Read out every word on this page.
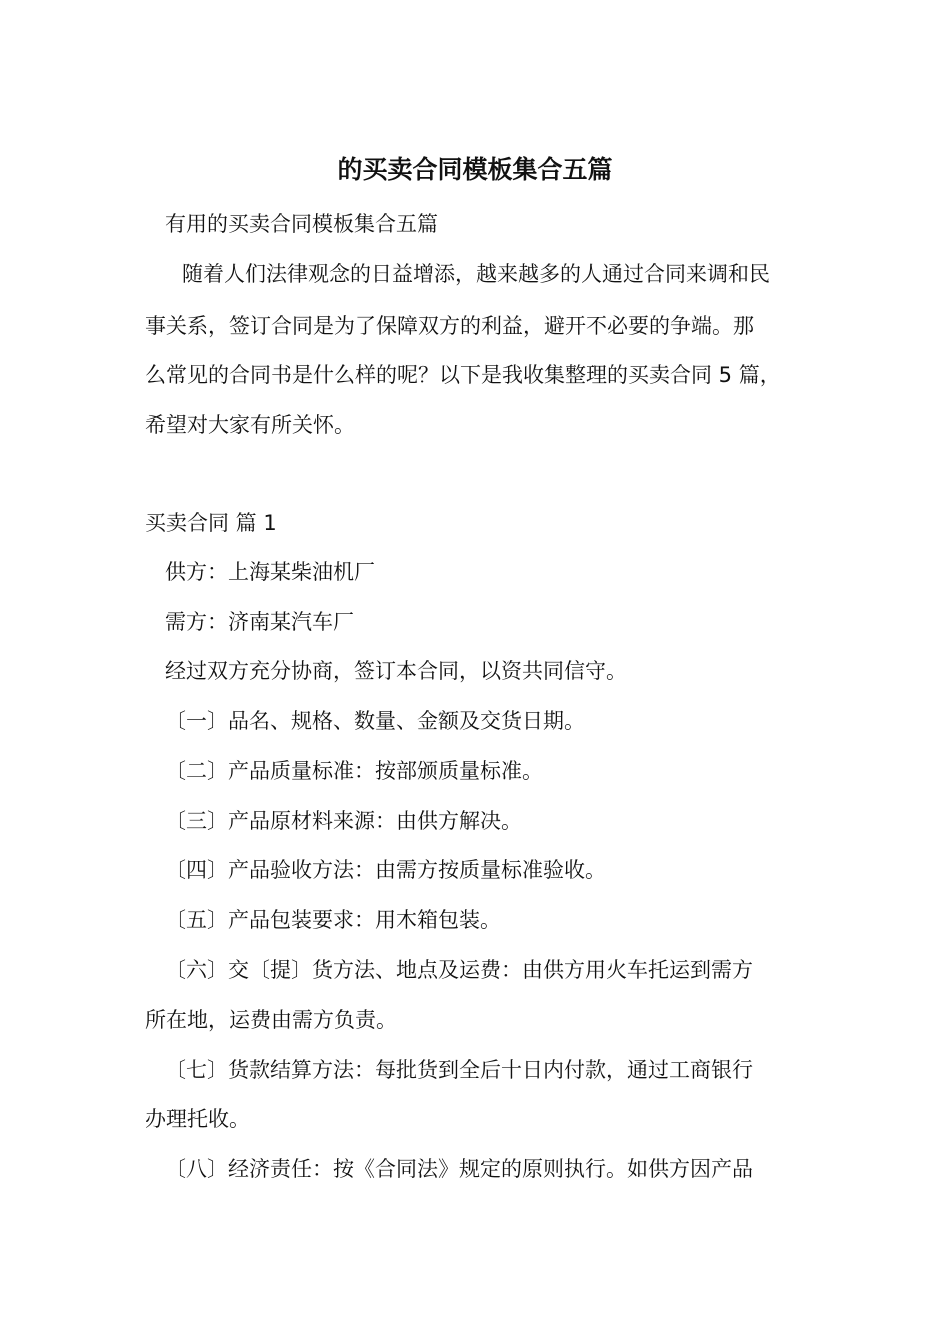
的买卖合同模板集合五篇
有用的买卖合同模板集合五篇
随着人们法律观念的日益增添，越来越多的人通过合同来调和民
事关系，签订合同是为了保障双方的利益，避开不必要的争端。那
么常见的合同书是什么样的呢？以下是我收集整理的买卖合同 5 篇，
希望对大家有所关怀。
买卖合同 篇 1
供方：上海某柴油机厂
需方：济南某汽车厂
经过双方充分协商，签订本合同，以资共同信守。
〔一〕品名、规格、数量、金额及交货日期。
〔二〕产品质量标准：按部颁质量标准。
〔三〕产品原材料来源：由供方解决。
〔四〕产品验收方法：由需方按质量标准验收。
〔五〕产品包装要求：用木箱包装。
〔六〕交〔提〕货方法、地点及运费：由供方用火车托运到需方
所在地，运费由需方负责。
〔七〕货款结算方法：每批货到全后十日内付款，通过工商银行
办理托收。
〔八〕经济责任：按《合同法》规定的原则执行。如供方因产品
